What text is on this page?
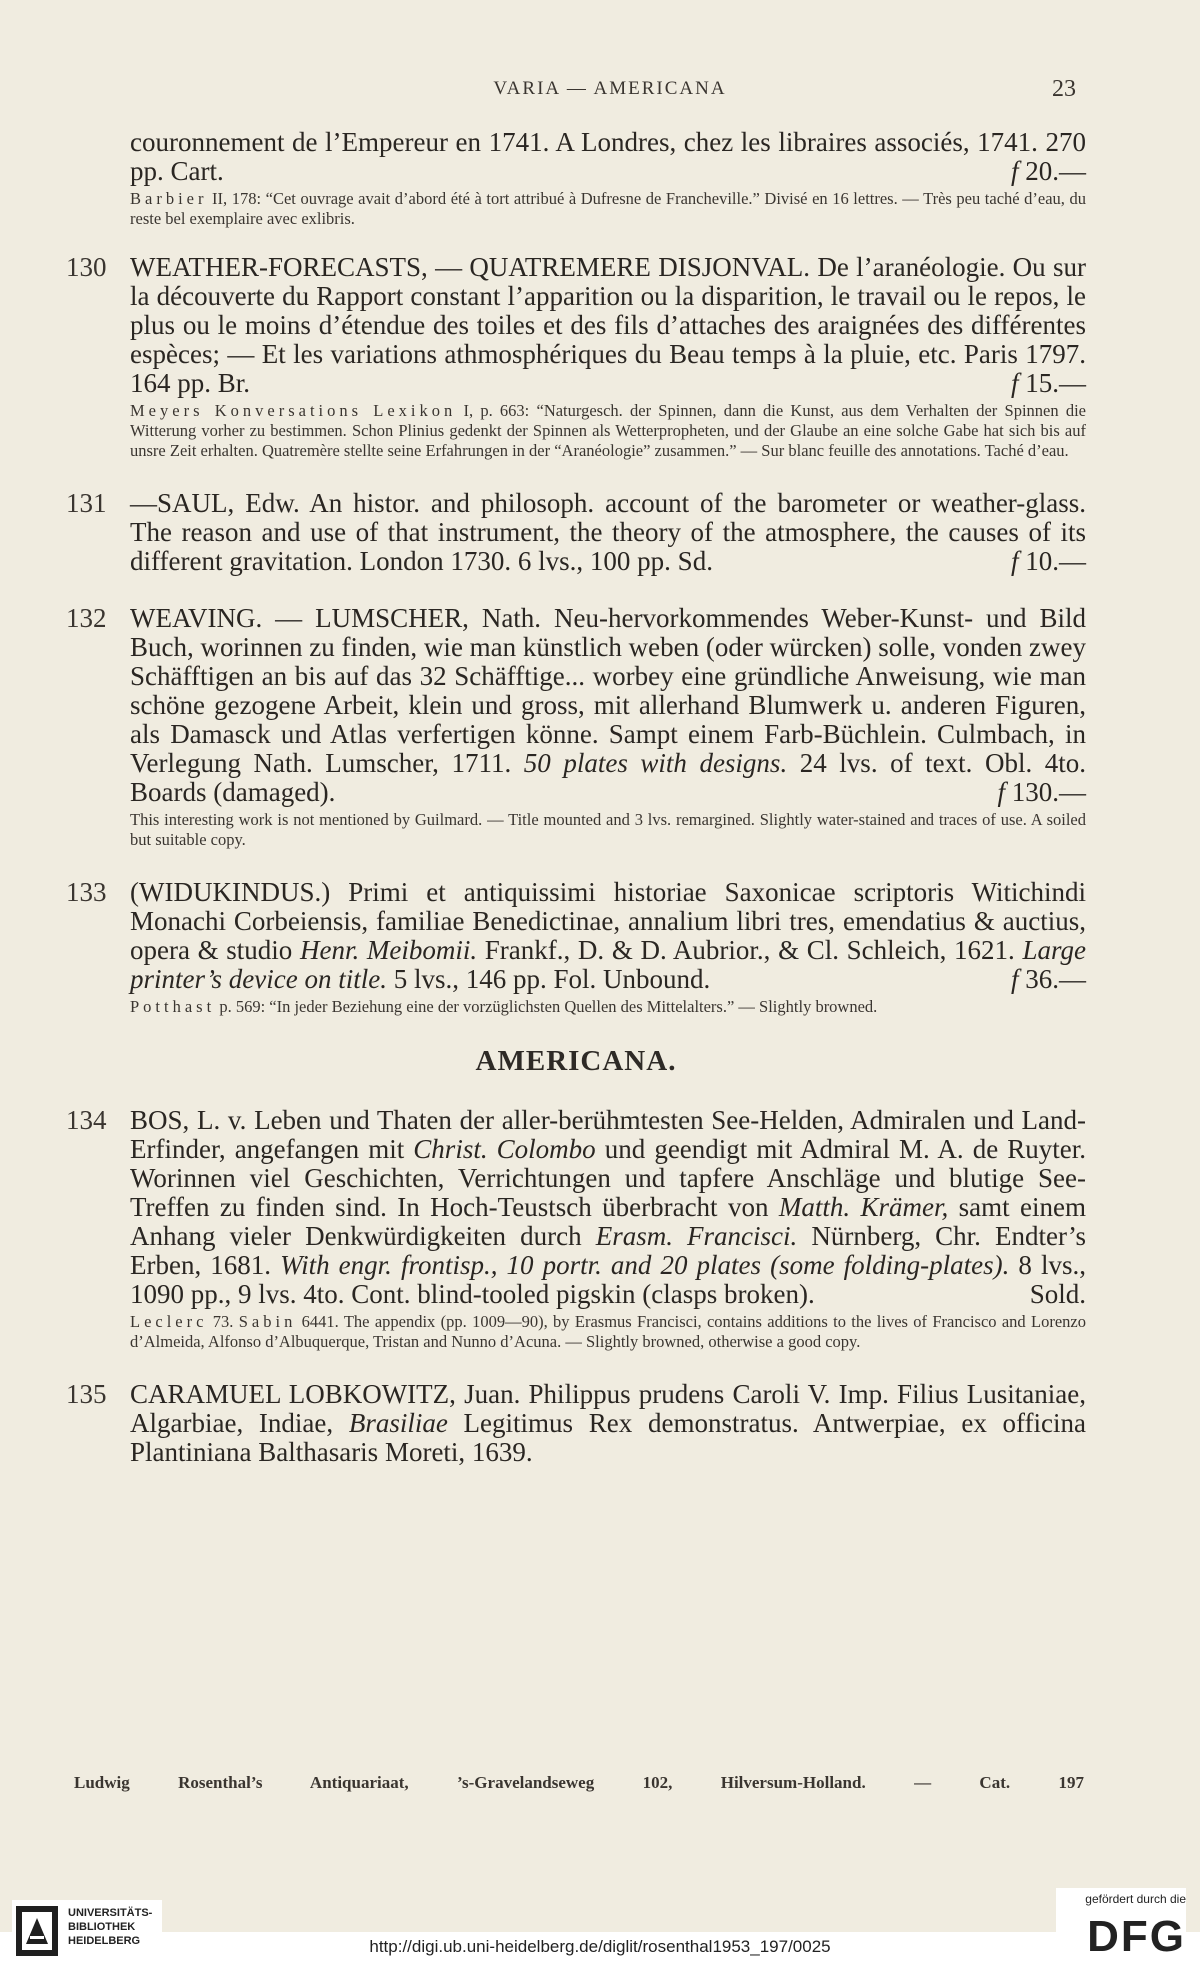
VARIA — AMERICANA	23
couronnement de l’Empereur en 1741. A Londres, chez les libraires associés, 1741. 270 pp. Cart.	f 20.—
Barbier II, 178: “Cet ouvrage avait d’abord été à tort attribué à Dufresne de Francheville.” Divisé en 16 lettres. — Très peu taché d’eau, du reste bel exemplaire avec exlibris.
130 WEATHER-FORECASTS, — QUATREMERE DISJONVAL. De l’aranéologie. Ou sur la découverte du Rapport constant l’apparition ou la disparition, le travail ou le repos, le plus ou le moins d’étendue des toiles et des fils d’attaches des araignées des différentes espèces; — Et les variations athmosphériques du Beau temps à la pluie, etc. Paris 1797. 164 pp. Br.	f 15.—
Meyers Konversations Lexikon I, p. 663: “Naturgesch. der Spinnen, dann die Kunst, aus dem Verhalten der Spinnen die Witterung vorher zu bestimmen. Schon Plinius gedenkt der Spinnen als Wetterpropheten, und der Glaube an eine solche Gabe hat sich bis auf unsre Zeit erhalten. Quatremère stellte seine Erfahrungen in der “Aranéologie” zusammen.” — Sur blanc feuille des annotations. Taché d’eau.
131 —SAUL, Edw. An histor. and philosoph. account of the barometer or weather-glass. The reason and use of that instrument, the theory of the atmosphere, the causes of its different gravitation. London 1730. 6 lvs., 100 pp. Sd.	f 10.—
132 WEAVING. — LUMSCHER, Nath. Neu-hervorkommendes Weber-Kunst- und Bild Buch, worinnen zu finden, wie man künstlich weben (oder würcken) solle, vonden zwey Schäfftigen an bis auf das 32 Schäfftige... worbey eine gründliche Anweisung, wie man schöne gezogene Arbeit, klein und gross, mit allerhand Blumwerk u. anderen Figuren, als Damasck und Atlas verfertigen könne. Sampt einem Farb-Büchlein. Culmbach, in Verlegung Nath. Lumscher, 1711. 50 plates with designs. 24 lvs. of text. Obl. 4to. Boards (damaged).	f 130.—
This interesting work is not mentioned by Guilmard. — Title mounted and 3 lvs. remargined. Slightly water-stained and traces of use. A soiled but suitable copy.
133 (WIDUKINDUS.) Primi et antiquissimi historiae Saxonicae scriptoris Witichindi Monachi Corbeiensis, familiae Benedictinae, annalium libri tres, emendatius & auctius, opera & studio Henr. Meibomii. Frankf., D. & D. Aubrior., & Cl. Schleich, 1621. Large printer’s device on title. 5 lvs., 146 pp. Fol. Unbound.	f 36.—
Potthast p. 569: “In jeder Beziehung eine der vorzüglichsten Quellen des Mittelalters.” — Slightly browned.
AMERICANA.
134 BOS, L. v. Leben und Thaten der aller-berühmtesten See-Helden, Admiralen und Land-Erfinder, angefangen mit Christ. Colombo und geendigt mit Admiral M. A. de Ruyter. Worinnen viel Geschichten, Verrichtungen und tapfere Anschläge und blutige See-Treffen zu finden sind. In Hoch-Teustsch überbracht von Matth. Krämer, samt einem Anhang vieler Denkwürdigkeiten durch Erasm. Francisci. Nürnberg, Chr. Endter’s Erben, 1681. With engr. frontisp., 10 portr. and 20 plates (some folding-plates). 8 lvs., 1090 pp., 9 lvs. 4to. Cont. blind-tooled pigskin (clasps broken).	Sold.
Leclerc 73. Sabin 6441. The appendix (pp. 1009—90), by Erasmus Francisci, contains additions to the lives of Francisco and Lorenzo d’Almeida, Alfonso d’Albuquerque, Tristan and Nunno d’Acuna. — Slightly browned, otherwise a good copy.
135 CARAMUEL LOBKOWITZ, Juan. Philippus prudens Caroli V. Imp. Filius Lusitaniae, Algarbiae, Indiae, Brasiliae Legitimus Rex demonstratus. Antwerpiae, ex officina Plantiniana Balthasaris Moreti, 1639.
Ludwig Rosenthal’s Antiquariaat, ’s-Gravelandseweg 102, Hilversum-Holland. — Cat. 197
UNIVERSITÄTS-
BIBLIOTHEK
HEIDELBERG	http://digi.ub.uni-heidelberg.de/diglit/rosenthal1953_197/0025
gefördert durch die
DFG
